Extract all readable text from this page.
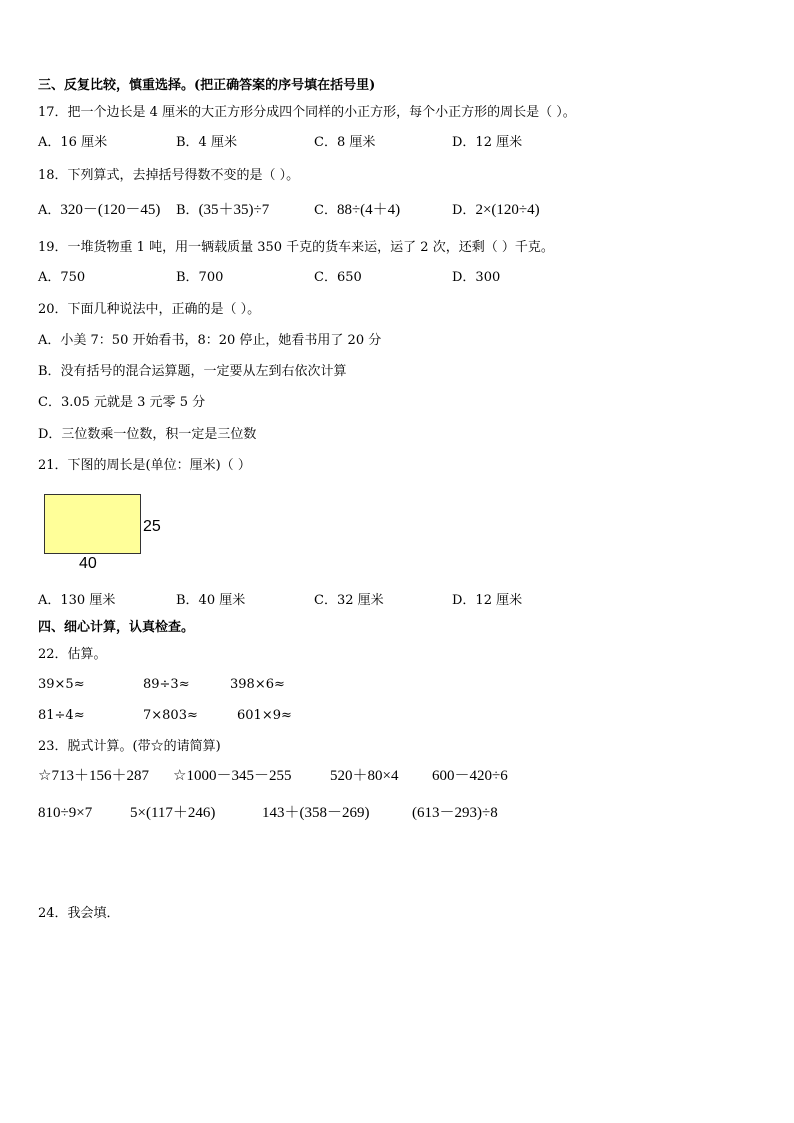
三、反复比较，慎重选择。(把正确答案的序号填在括号里)
17．把一个边长是 4 厘米的大正方形分成四个同样的小正方形，每个小正方形的周长是（ ）。
A．16 厘米	B．4 厘米	C．8 厘米	D．12 厘米
18．下列算式，去掉括号得数不变的是（ ）。
A．320－(120－45) B．(35＋35)÷7	C．88÷(4＋4)	D．2×(120÷4)
19．一堆货物重 1 吨，用一辆载质量 350 千克的货车来运，运了 2 次，还剩（ ）千克。
A．750	B．700	C．650	D．300
20．下面几种说法中，正确的是（ ）。
A．小美 7：50 开始看书，8：20 停止，她看书用了 20 分
B．没有括号的混合运算题，一定要从左到右依次计算
C．3.05 元就是 3 元零 5 分
D．三位数乘一位数，积一定是三位数
21．下图的周长是(单位：厘米)（ ）
25
40
A．130 厘米	B．40 厘米	C．32 厘米	D．12 厘米
四、细心计算，认真检查。
22．估算。
39×5≈	89÷3≈	398×6≈
81÷4≈	7×803≈	601×9≈
23．脱式计算。(带☆的请简算)
☆713＋156＋287 ☆1000－345－255	520＋80×4 600－420÷6
810÷9×7	5×(117＋246)	143＋(358－269)	(613－293)÷8
24．我会填．
